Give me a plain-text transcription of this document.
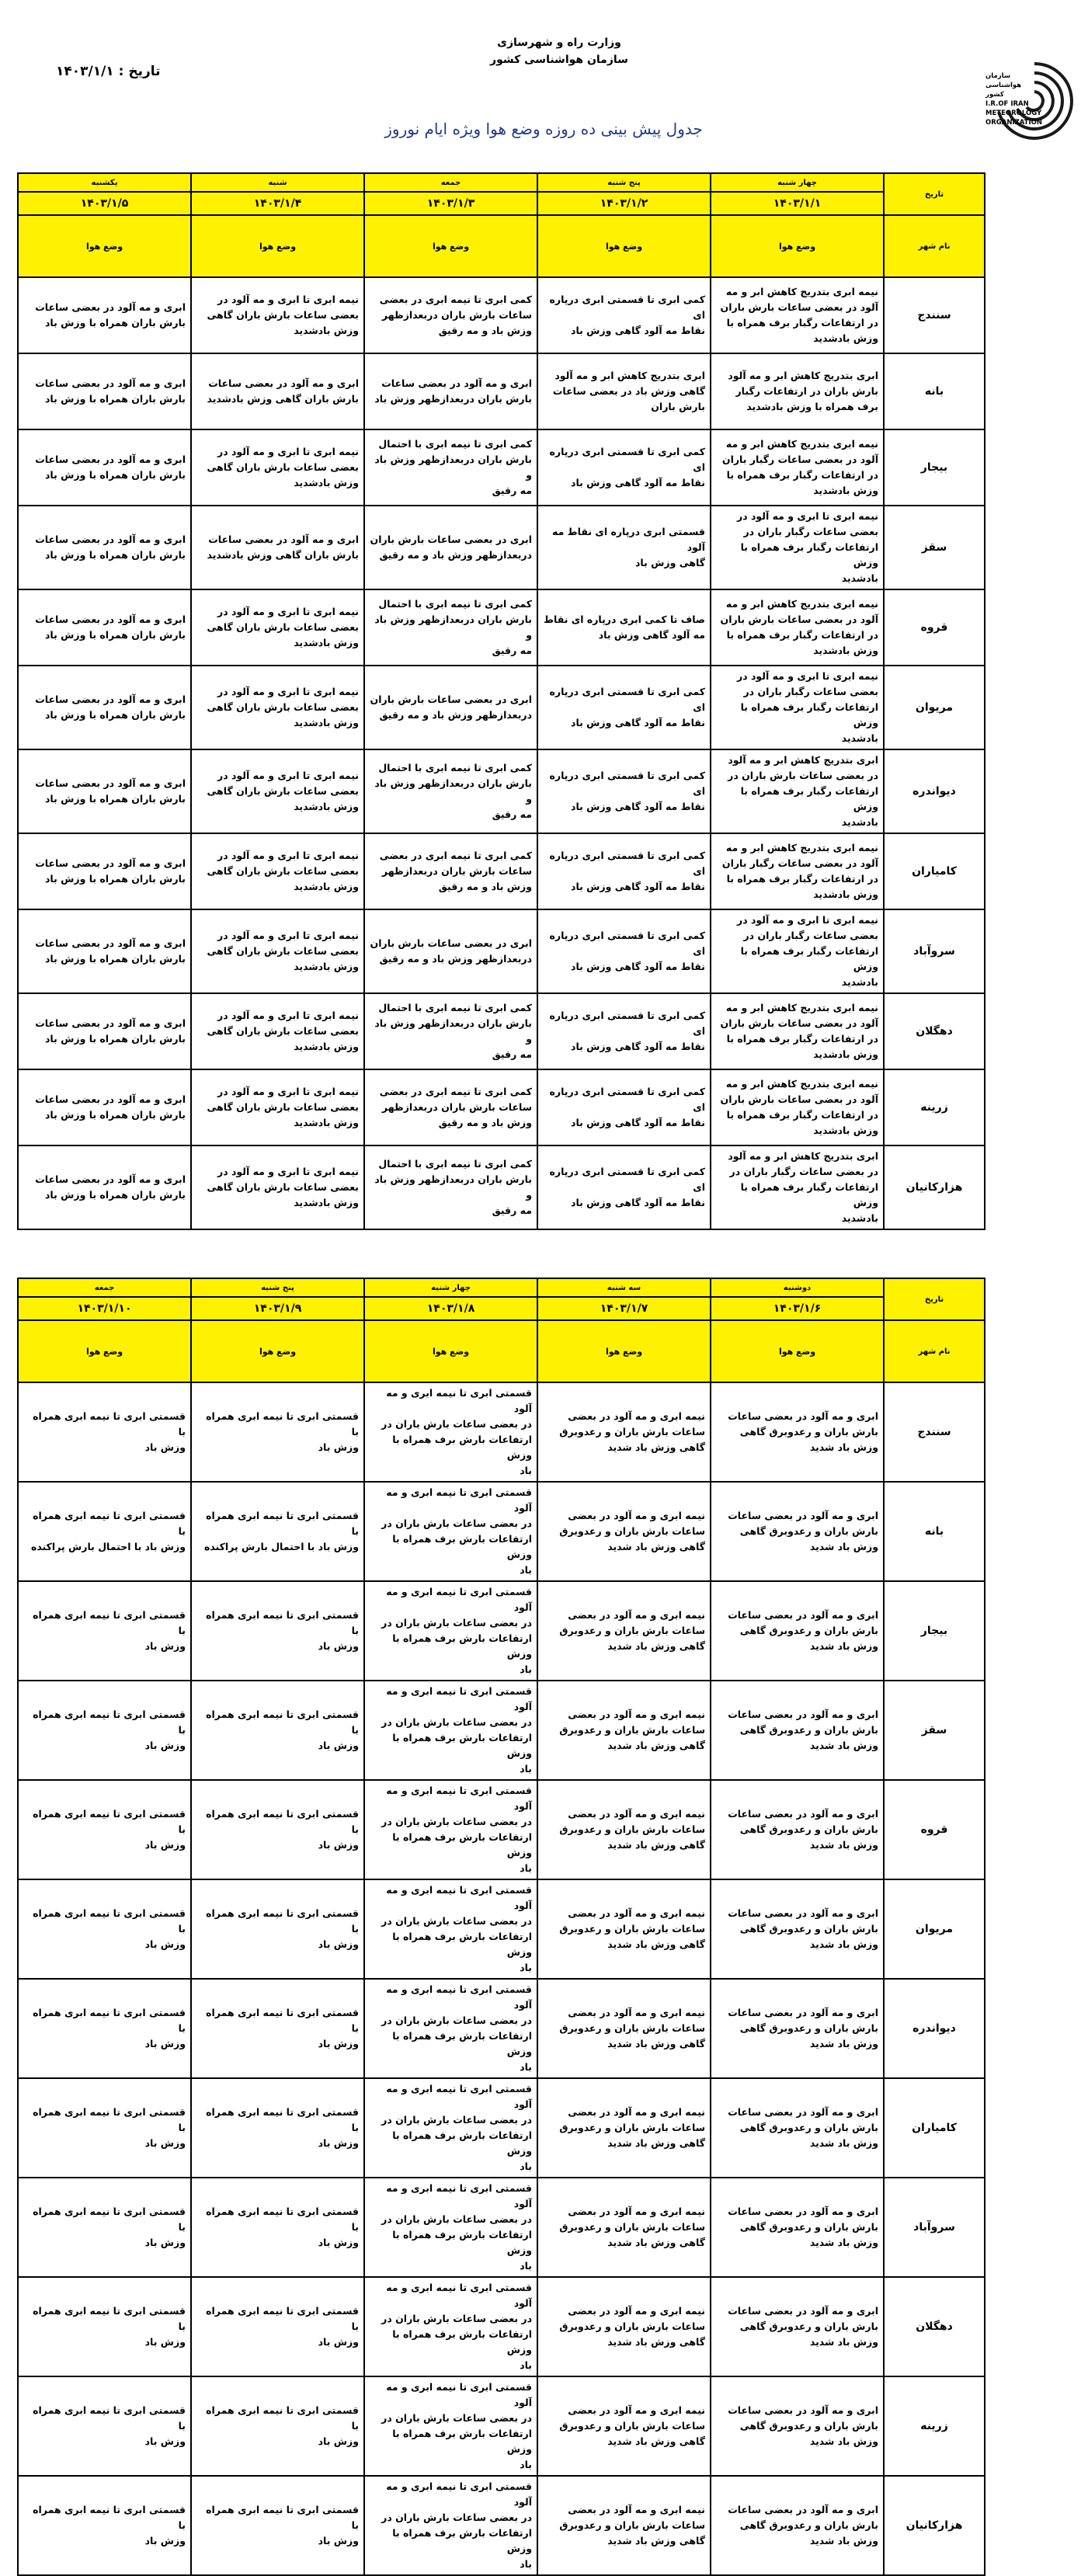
وزارت راه و شهرسازی
سازمان هواشناسی کشور
تاریخ : ۱۴۰۳/۱/۱
جدول پیش بینی ده روزه وضع هوا ویژه ایام نوروز
سازمان هواشناسی کشور
I.R.OF IRAN
METEOROLOGY
ORGANIZATION
تاریخ	چهار شنبه	پنج شنبه	جمعه	شنبه	یکشنبه
	۱۴۰۳/۱/۱	۱۴۰۳/۱/۲	۱۴۰۳/۱/۳	۱۴۰۳/۱/۴	۱۴۰۳/۱/۵
نام شهر	وضع هوا	وضع هوا	وضع هوا	وضع هوا	وضع هوا
سنندج	نیمه ابری بتدریج کاهش ابر و مه
آلود در بعضی ساعات بارش باران
در ارتفاعات رگبار برف همراه با
وزش بادشدید	کمی ابری تا قسمتی ابری درپاره ای
نقاط مه آلود گاهی وزش باد	کمی ابری تا نیمه ابری در بعضی
ساعات بارش باران دربعدازظهر
وزش باد و مه رقیق	نیمه ابری تا ابری و مه آلود در
بعضی ساعات بارش باران گاهی
وزش بادشدید	ابری و مه آلود در بعضی ساعات
بارش باران همراه با وزش باد

بانه	ابری بتدریج کاهش ابر و مه آلود
بارش باران در ارتفاعات رگبار
برف همراه با وزش بادشدید	ابری بتدریج کاهش ابر و مه آلود
گاهی وزش باد در بعضی ساعات
بارش باران	ابری و مه آلود در بعضی ساعات
بارش باران دربعدازظهر وزش باد	ابری و مه آلود در بعضی ساعات
بارش باران گاهی وزش بادشدید	ابری و مه آلود در بعضی ساعات
بارش باران همراه با وزش باد

بیجار	نیمه ابری بتدریج کاهش ابر و مه
آلود در بعضی ساعات رگبار باران
در ارتفاعات رگبار برف همراه با
وزش بادشدید	کمی ابری تا قسمتی ابری درپاره ای
نقاط مه آلود گاهی وزش باد	کمی ابری تا نیمه ابری با احتمال
بارش باران دربعدازظهر وزش باد و
مه رقیق	نیمه ابری تا ابری و مه آلود در
بعضی ساعات بارش باران گاهی
وزش بادشدید	ابری و مه آلود در بعضی ساعات
بارش باران همراه با وزش باد

سقز	نیمه ابری تا ابری و مه آلود در
بعضی ساعات رگبار باران در
ارتفاعات رگبار برف همراه با وزش
بادشدید	قسمتی ابری درپاره ای نقاط مه آلود
گاهی وزش باد	ابری در بعضی ساعات بارش باران
دربعدازظهر وزش باد و مه رقیق	ابری و مه آلود در بعضی ساعات
بارش باران گاهی وزش بادشدید	ابری و مه آلود در بعضی ساعات
بارش باران همراه با وزش باد

قروه	نیمه ابری بتدریج کاهش ابر و مه
آلود در بعضی ساعات بارش باران
در ارتفاعات رگبار برف همراه با
وزش بادشدید	صاف تا کمی ابری درپاره ای نقاط
مه آلود گاهی وزش باد	کمی ابری تا نیمه ابری با احتمال
بارش باران دربعدازظهر وزش باد و
مه رقیق	نیمه ابری تا ابری و مه آلود در
بعضی ساعات بارش باران گاهی
وزش بادشدید	ابری و مه آلود در بعضی ساعات
بارش باران همراه با وزش باد

مریوان	نیمه ابری تا ابری و مه آلود در
بعضی ساعات رگبار باران در
ارتفاعات رگبار برف همراه با وزش
بادشدید	کمی ابری تا قسمتی ابری درپاره ای
نقاط مه آلود گاهی وزش باد	ابری در بعضی ساعات بارش باران
دربعدازظهر وزش باد و مه رقیق	نیمه ابری تا ابری و مه آلود در
بعضی ساعات بارش باران گاهی
وزش بادشدید	ابری و مه آلود در بعضی ساعات
بارش باران همراه با وزش باد

دیواندره	ابری بتدریج کاهش ابر و مه آلود
در بعضی ساعات بارش باران در
ارتفاعات رگبار برف همراه با وزش
بادشدید	کمی ابری تا قسمتی ابری درپاره ای
نقاط مه آلود گاهی وزش باد	کمی ابری تا نیمه ابری با احتمال
بارش باران دربعدازظهر وزش باد و
مه رقیق	نیمه ابری تا ابری و مه آلود در
بعضی ساعات بارش باران گاهی
وزش بادشدید	ابری و مه آلود در بعضی ساعات
بارش باران همراه با وزش باد

کامیاران	نیمه ابری بتدریج کاهش ابر و مه
آلود در بعضی ساعات رگبار باران
در ارتفاعات رگبار برف همراه با
وزش بادشدید	کمی ابری تا قسمتی ابری درپاره ای
نقاط مه آلود گاهی وزش باد	کمی ابری تا نیمه ابری در بعضی
ساعات بارش باران دربعدازظهر
وزش باد و مه رقیق	نیمه ابری تا ابری و مه آلود در
بعضی ساعات بارش باران گاهی
وزش بادشدید	ابری و مه آلود در بعضی ساعات
بارش باران همراه با وزش باد

سروآباد	نیمه ابری تا ابری و مه آلود در
بعضی ساعات رگبار باران در
ارتفاعات رگبار برف همراه با وزش
بادشدید	کمی ابری تا قسمتی ابری درپاره ای
نقاط مه آلود گاهی وزش باد	ابری در بعضی ساعات بارش باران
دربعدازظهر وزش باد و مه رقیق	نیمه ابری تا ابری و مه آلود در
بعضی ساعات بارش باران گاهی
وزش بادشدید	ابری و مه آلود در بعضی ساعات
بارش باران همراه با وزش باد

دهگلان	نیمه ابری بتدریج کاهش ابر و مه
آلود در بعضی ساعات بارش باران
در ارتفاعات رگبار برف همراه با
وزش بادشدید	کمی ابری تا قسمتی ابری درپاره ای
نقاط مه آلود گاهی وزش باد	کمی ابری تا نیمه ابری با احتمال
بارش باران دربعدازظهر وزش باد و
مه رقیق	نیمه ابری تا ابری و مه آلود در
بعضی ساعات بارش باران گاهی
وزش بادشدید	ابری و مه آلود در بعضی ساعات
بارش باران همراه با وزش باد

زرینه	نیمه ابری بتدریج کاهش ابر و مه
آلود در بعضی ساعات بارش باران
در ارتفاعات رگبار برف همراه با
وزش بادشدید	کمی ابری تا قسمتی ابری درپاره ای
نقاط مه آلود گاهی وزش باد	کمی ابری تا نیمه ابری در بعضی
ساعات بارش باران دربعدازظهر
وزش باد و مه رقیق	نیمه ابری تا ابری و مه آلود در
بعضی ساعات بارش باران گاهی
وزش بادشدید	ابری و مه آلود در بعضی ساعات
بارش باران همراه با وزش باد

هزارکانیان	ابری بتدریج کاهش ابر و مه آلود
در بعضی ساعات رگبار باران در
ارتفاعات رگبار برف همراه با وزش
بادشدید	کمی ابری تا قسمتی ابری درپاره ای
نقاط مه آلود گاهی وزش باد	کمی ابری تا نیمه ابری با احتمال
بارش باران دربعدازظهر وزش باد و
مه رقیق	نیمه ابری تا ابری و مه آلود در
بعضی ساعات بارش باران گاهی
وزش بادشدید	ابری و مه آلود در بعضی ساعات
بارش باران همراه با وزش باد
تاریخ	دوشنبه	سه شنبه	چهار شنبه	پنج شنبه	جمعه
	۱۴۰۳/۱/۶	۱۴۰۳/۱/۷	۱۴۰۳/۱/۸	۱۴۰۳/۱/۹	۱۴۰۳/۱/۱۰
نام شهر	وضع هوا	وضع هوا	وضع هوا	وضع هوا	وضع هوا
سنندج	ابری و مه آلود در بعضی ساعات
بارش باران و رعدوبرق گاهی
وزش باد شدید	نیمه ابری و مه آلود در بعضی
ساعات بارش باران و رعدوبرق
گاهی وزش باد شدید	قسمتی ابری تا نیمه ابری و مه آلود
در بعضی ساعات بارش باران در
ارتفاعات بارش برف همراه با وزش
باد	قسمتی ابری تا نیمه ابری همراه با
وزش باد	قسمتی ابری تا نیمه ابری همراه با
وزش باد

بانه	ابری و مه آلود در بعضی ساعات
بارش باران و رعدوبرق گاهی
وزش باد شدید	نیمه ابری و مه آلود در بعضی
ساعات بارش باران و رعدوبرق
گاهی وزش باد شدید	قسمتی ابری تا نیمه ابری و مه آلود
در بعضی ساعات بارش باران در
ارتفاعات بارش برف همراه با وزش
باد	قسمتی ابری تا نیمه ابری همراه با
وزش باد با احتمال بارش پراکنده	قسمتی ابری تا نیمه ابری همراه با
وزش باد با احتمال بارش پراکنده

بیجار	ابری و مه آلود در بعضی ساعات
بارش باران و رعدوبرق گاهی
وزش باد شدید	نیمه ابری و مه آلود در بعضی
ساعات بارش باران و رعدوبرق
گاهی وزش باد شدید	قسمتی ابری تا نیمه ابری و مه آلود
در بعضی ساعات بارش باران در
ارتفاعات بارش برف همراه با وزش
باد	قسمتی ابری تا نیمه ابری همراه با
وزش باد	قسمتی ابری تا نیمه ابری همراه با
وزش باد

سقز	ابری و مه آلود در بعضی ساعات
بارش باران و رعدوبرق گاهی
وزش باد شدید	نیمه ابری و مه آلود در بعضی
ساعات بارش باران و رعدوبرق
گاهی وزش باد شدید	قسمتی ابری تا نیمه ابری و مه آلود
در بعضی ساعات بارش باران در
ارتفاعات بارش برف همراه با وزش
باد	قسمتی ابری تا نیمه ابری همراه با
وزش باد	قسمتی ابری تا نیمه ابری همراه با
وزش باد

قروه	ابری و مه آلود در بعضی ساعات
بارش باران و رعدوبرق گاهی
وزش باد شدید	نیمه ابری و مه آلود در بعضی
ساعات بارش باران و رعدوبرق
گاهی وزش باد شدید	قسمتی ابری تا نیمه ابری و مه آلود
در بعضی ساعات بارش باران در
ارتفاعات بارش برف همراه با وزش
باد	قسمتی ابری تا نیمه ابری همراه با
وزش باد	قسمتی ابری تا نیمه ابری همراه با
وزش باد

مریوان	ابری و مه آلود در بعضی ساعات
بارش باران و رعدوبرق گاهی
وزش باد شدید	نیمه ابری و مه آلود در بعضی
ساعات بارش باران و رعدوبرق
گاهی وزش باد شدید	قسمتی ابری تا نیمه ابری و مه آلود
در بعضی ساعات بارش باران در
ارتفاعات بارش برف همراه با وزش
باد	قسمتی ابری تا نیمه ابری همراه با
وزش باد	قسمتی ابری تا نیمه ابری همراه با
وزش باد

دیواندره	ابری و مه آلود در بعضی ساعات
بارش باران و رعدوبرق گاهی
وزش باد شدید	نیمه ابری و مه آلود در بعضی
ساعات بارش باران و رعدوبرق
گاهی وزش باد شدید	قسمتی ابری تا نیمه ابری و مه آلود
در بعضی ساعات بارش باران در
ارتفاعات بارش برف همراه با وزش
باد	قسمتی ابری تا نیمه ابری همراه با
وزش باد	قسمتی ابری تا نیمه ابری همراه با
وزش باد

کامیاران	ابری و مه آلود در بعضی ساعات
بارش باران و رعدوبرق گاهی
وزش باد شدید	نیمه ابری و مه آلود در بعضی
ساعات بارش باران و رعدوبرق
گاهی وزش باد شدید	قسمتی ابری تا نیمه ابری و مه آلود
در بعضی ساعات بارش باران در
ارتفاعات بارش برف همراه با وزش
باد	قسمتی ابری تا نیمه ابری همراه با
وزش باد	قسمتی ابری تا نیمه ابری همراه با
وزش باد

سروآباد	ابری و مه آلود در بعضی ساعات
بارش باران و رعدوبرق گاهی
وزش باد شدید	نیمه ابری و مه آلود در بعضی
ساعات بارش باران و رعدوبرق
گاهی وزش باد شدید	قسمتی ابری تا نیمه ابری و مه آلود
در بعضی ساعات بارش باران در
ارتفاعات بارش برف همراه با وزش
باد	قسمتی ابری تا نیمه ابری همراه با
وزش باد	قسمتی ابری تا نیمه ابری همراه با
وزش باد

دهگلان	ابری و مه آلود در بعضی ساعات
بارش باران و رعدوبرق گاهی
وزش باد شدید	نیمه ابری و مه آلود در بعضی
ساعات بارش باران و رعدوبرق
گاهی وزش باد شدید	قسمتی ابری تا نیمه ابری و مه آلود
در بعضی ساعات بارش باران در
ارتفاعات بارش برف همراه با وزش
باد	قسمتی ابری تا نیمه ابری همراه با
وزش باد	قسمتی ابری تا نیمه ابری همراه با
وزش باد

زرینه	ابری و مه آلود در بعضی ساعات
بارش باران و رعدوبرق گاهی
وزش باد شدید	نیمه ابری و مه آلود در بعضی
ساعات بارش باران و رعدوبرق
گاهی وزش باد شدید	قسمتی ابری تا نیمه ابری و مه آلود
در بعضی ساعات بارش باران در
ارتفاعات بارش برف همراه با وزش
باد	قسمتی ابری تا نیمه ابری همراه با
وزش باد	قسمتی ابری تا نیمه ابری همراه با
وزش باد

هزارکانیان	ابری و مه آلود در بعضی ساعات
بارش باران و رعدوبرق گاهی
وزش باد شدید	نیمه ابری و مه آلود در بعضی
ساعات بارش باران و رعدوبرق
گاهی وزش باد شدید	قسمتی ابری تا نیمه ابری و مه آلود
در بعضی ساعات بارش باران در
ارتفاعات بارش برف همراه با وزش
باد	قسمتی ابری تا نیمه ابری همراه با
وزش باد	قسمتی ابری تا نیمه ابری همراه با
وزش باد
